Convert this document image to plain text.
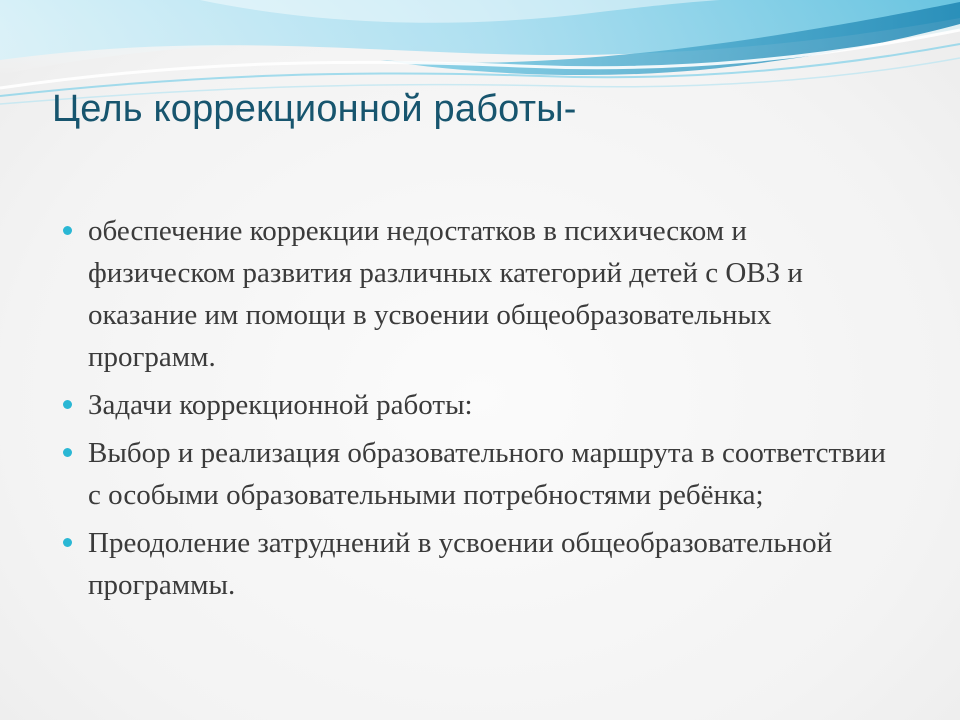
Цель коррекционной работы-
обеспечение коррекции недостатков в психическом и физическом развития различных категорий детей с ОВЗ и оказание им помощи в усвоении общеобразовательных программ.
Задачи коррекционной работы:
Выбор и реализация образовательного маршрута в соответствии с особыми образовательными потребностями ребёнка;
Преодоление затруднений в усвоении общеобразовательной программы.
